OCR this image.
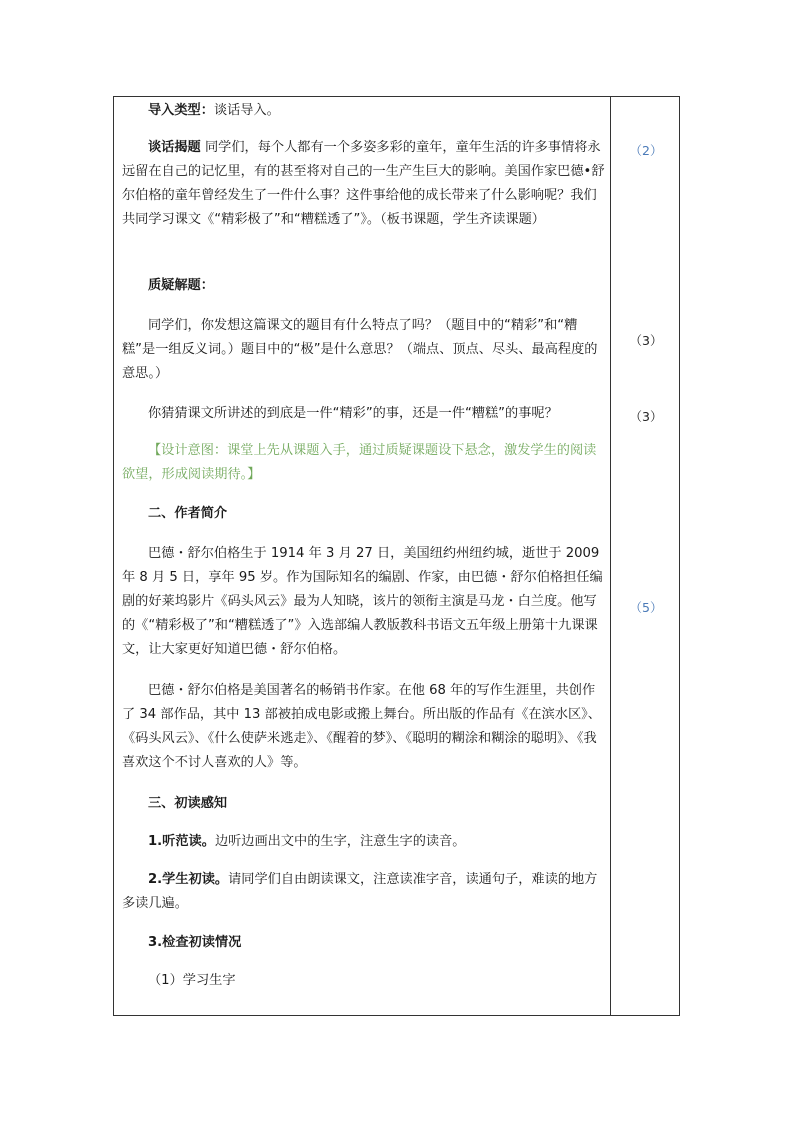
导入类型：谈话导入。

谈话揭题 同学们，每个人都有一个多姿多彩的童年，童年生活的许多事情将永远留在自己的记忆里，有的甚至将对自己的一生产生巨大的影响。美国作家巴德•舒尔伯格的童年曾经发生了一件什么事？这件事给他的成长带来了什么影响呢？我们共同学习课文《“精彩极了”和“糟糕透了”》。（板书课题，学生齐读课题）

质疑解题：

同学们，你发想这篇课文的题目有什么特点了吗？（题目中的“精彩”和“糟糕”是一组反义词。）题目中的“极”是什么意思？（端点、顶点、尽头、最高程度的意思。）

你猜猜课文所讲述的到底是一件“精彩”的事，还是一件“糟糕”的事呢？

【设计意图：课堂上先从课题入手，通过质疑课题设下悬念，激发学生的阅读欲望，形成阅读期待。】

二、作者简介

巴德・舒尔伯格生于 1914 年 3 月 27 日，美国纽约州纽约城，逝世于 2009 年 8 月 5 日，享年 95 岁。作为国际知名的编剧、作家，由巴德・舒尔伯格担任编剧的好莱坞影片《码头风云》最为人知晓，该片的领衔主演是马龙・白兰度。他写的《“精彩极了”和“糟糕透了”》入选部编人教版教科书语文五年级上册第十九课课文，让大家更好知道巴德・舒尔伯格。

巴德・舒尔伯格是美国著名的畅销书作家。在他 68 年的写作生涯里，共创作了 34 部作品，其中 13 部被拍成电影或搬上舞台。所出版的作品有《在滨水区》、《码头风云》、《什么使萨米逃走》、《醒着的梦》、《聪明的糊涂和糊涂的聪明》、《我喜欢这个不讨人喜欢的人》等。

三、初读感知

1.听范读。边听边画出文中的生字，注意生字的读音。

2.学生初读。请同学们自由朗读课文，注意读准字音，读通句子，难读的地方多读几遍。

3.检查初读情况

（1）学习生字

（2）
（3）
（3）
（5）
